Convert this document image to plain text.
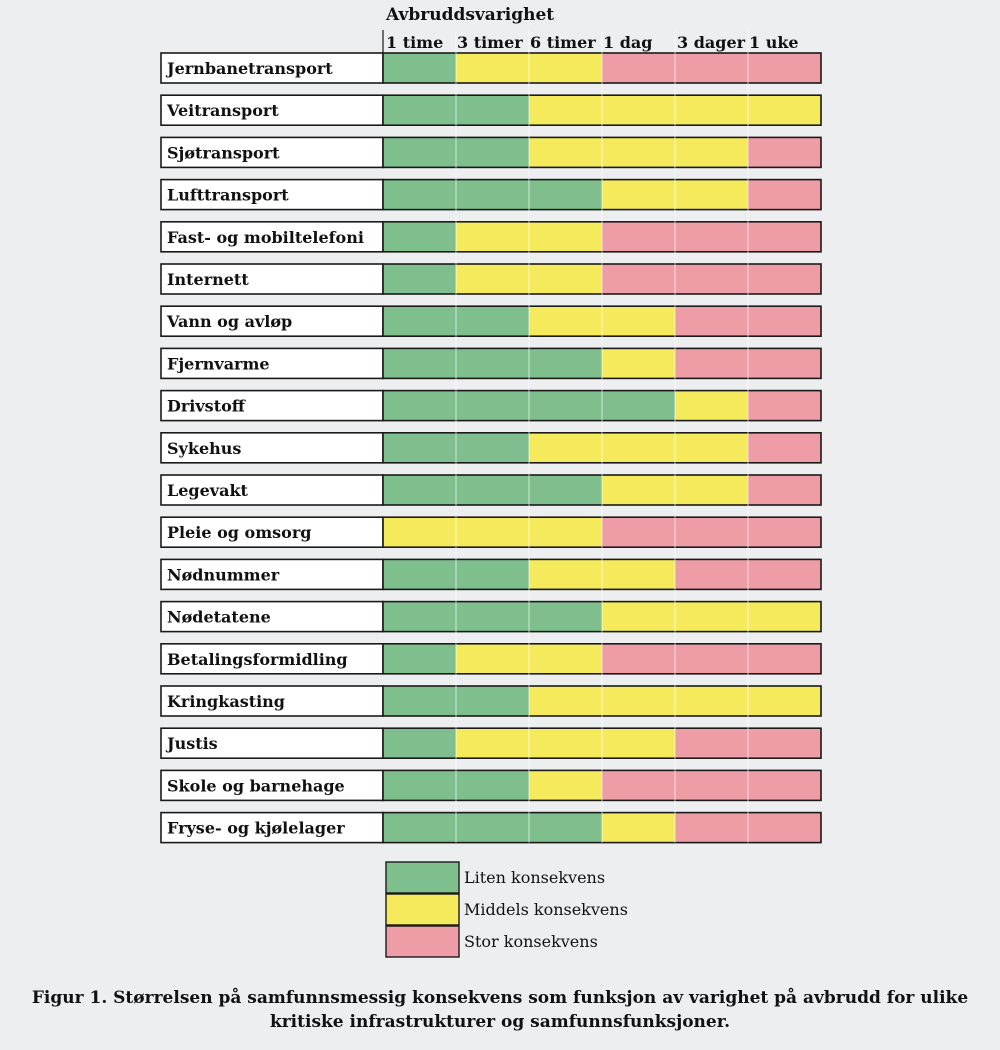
Avbruddsvarighet
1 time 3 timer 6 timer 1 dag 3 dager 1 uke
Jernbanetransport
Veitransport
Sjøtransport
Lufttransport
Fast- og mobiltelefoni
Internett
Vann og avløp
Fjernvarme
Drivstoff
Sykehus
Legevakt
Pleie og omsorg
Nødnummer
Nødetatene
Betalingsformidling
Kringkasting
Justis
Skole og barnehage
Fryse- og kjølelager
Liten konsekvens
Middels konsekvens
Stor konsekvens
Figur 1. Størrelsen på samfunnsmessig konsekvens som funksjon av varighet på avbrudd for ulike
kritiske infrastrukturer og samfunnsfunksjoner.
